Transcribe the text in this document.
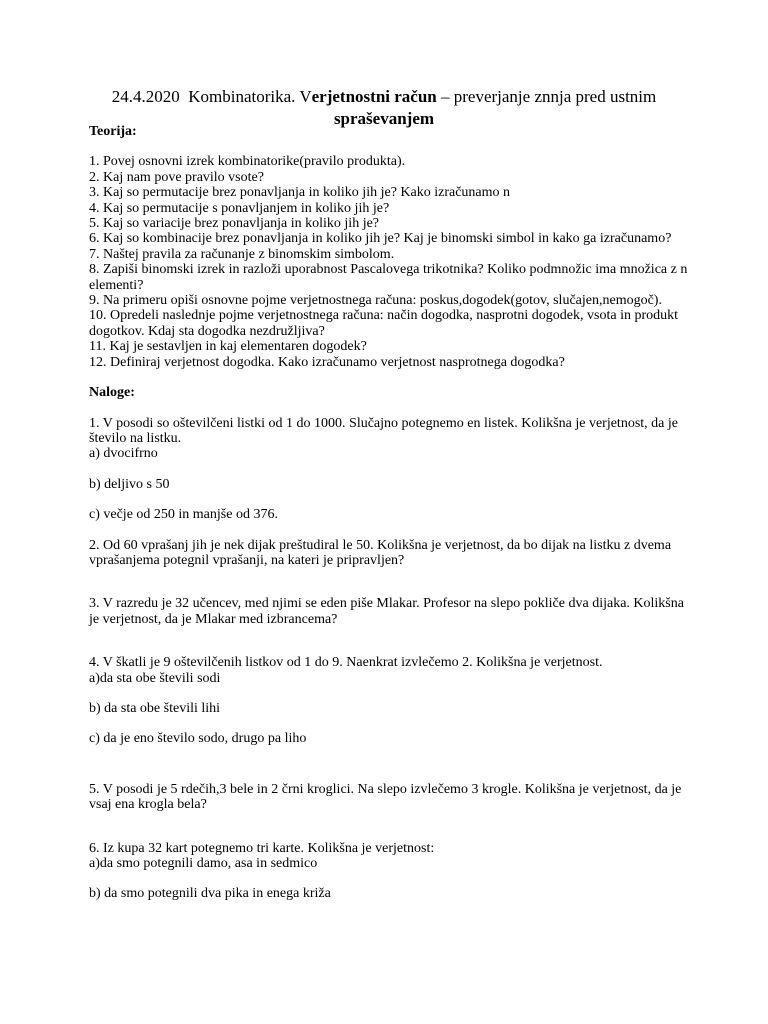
24.4.2020 Kombinatorika. Verjetnostni račun – preverjanje znnja pred ustnim
spraševanjem

Teorija:

1. Povej osnovni izrek kombinatorike(pravilo produkta).

2. Kaj nam pove pravilo vsote?

3. Kaj so permutacije brez ponavljanja in koliko jih je? Kako izračunamo n

4. Kaj so permutacije s ponavljanjem in koliko jih je?

5. Kaj so variacije brez ponavljanja in koliko jih je?

6. Kaj so kombinacije brez ponavljanja in koliko jih je? Kaj je binomski simbol in kako ga izračunamo?

7. Naštej pravila za računanje z binomskim simbolom.

8. Zapiši binomski izrek in razloži uporabnost Pascalovega trikotnika? Koliko podmnožic ima množica z n elementi?

9. Na primeru opiši osnovne pojme verjetnostnega računa: poskus,dogodek(gotov, slučajen,nemogoč).

10. Opredeli naslednje pojme verjetnostnega računa: način dogodka, nasprotni dogodek, vsota in produkt dogotkov. Kdaj sta dogodka nezdružljiva?

11. Kaj je sestavljen in kaj elementaren dogodek?

12. Definiraj verjetnost dogodka. Kako izračunamo verjetnost nasprotnega dogodka?

Naloge:

1. V posodi so oštevilčeni listki od 1 do 1000. Slučajno potegnemo en listek. Kolikšna je verjetnost, da je število na listku.

a) dvocifrno

b) deljivo s 50

c) večje od 250 in manjše od 376.

2. Od 60 vprašanj jih je nek dijak preštudiral le 50. Kolikšna je verjetnost, da bo dijak na listku z dvema vprašanjema potegnil vprašanji, na kateri je pripravljen?

3. V razredu je 32 učencev, med njimi se eden piše Mlakar. Profesor na slepo pokliče dva dijaka. Kolikšna je verjetnost, da je Mlakar med izbrancema?

4. V škatli je 9 oštevilčenih listkov od 1 do 9. Naenkrat izvlečemo 2. Kolikšna je verjetnost.

a)da sta obe števili sodi

b) da sta obe števili lihi

c) da je eno število sodo, drugo pa liho

5. V posodi je 5 rdečih,3 bele in 2 črni kroglici. Na slepo izvlečemo 3 krogle. Kolikšna je verjetnost, da je vsaj ena krogla bela?

6. Iz kupa 32 kart potegnemo tri karte. Kolikšna je verjetnost:

a)da smo potegnili damo, asa in sedmico

b) da smo potegnili dva pika in enega križa
